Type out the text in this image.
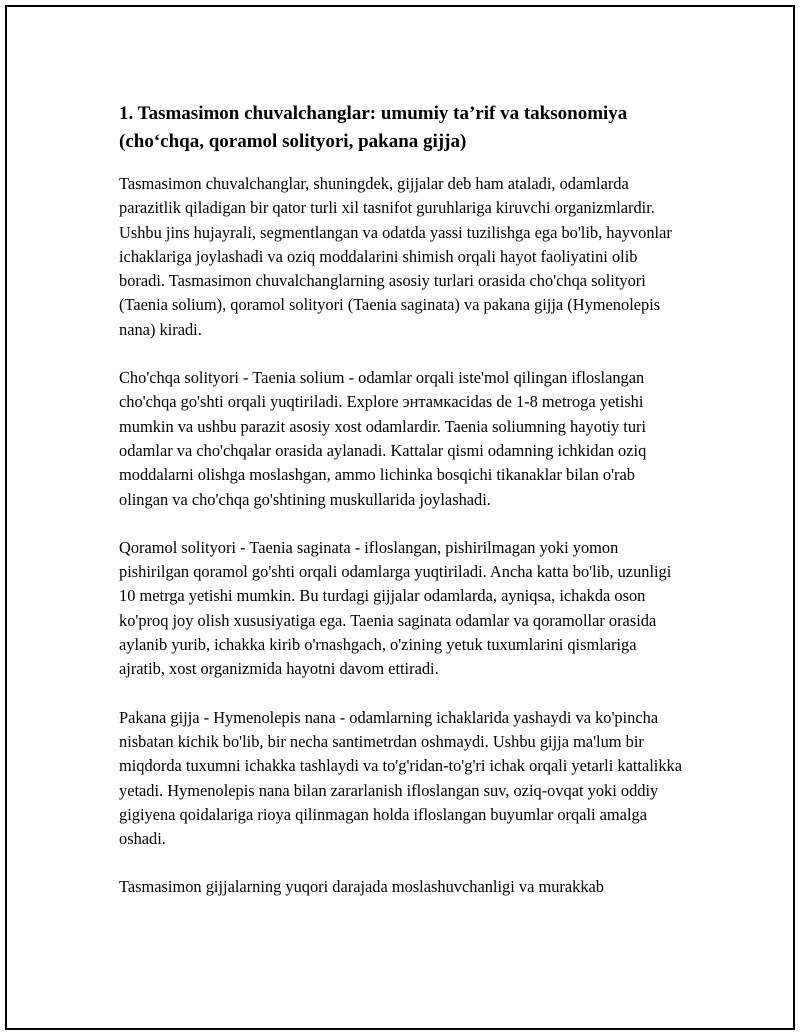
1. Tasmasimon chuvalchanglar: umumiy ta’rif va taksonomiya (cho‘chqa, qoramol solityori, pakana gijja)

Tasmasimon chuvalchanglar, shuningdek, gijjalar deb ham ataladi, odamlarda parazitlik qiladigan bir qator turli xil tasnifot guruhlariga kiruvchi organizmlardir. Ushbu jins hujayrali, segmentlangan va odatda yassi tuzilishga ega bo'lib, hayvonlar ichaklariga joylashadi va oziq moddalarini shimish orqali hayot faoliyatini olib boradi. Tasmasimon chuvalchanglarning asosiy turlari orasida cho'chqa solityori (Taenia solium), qoramol solityori (Taenia saginata) va pakana gijja (Hymenolepis nana) kiradi.

Cho'chqa solityori - Taenia solium - odamlar orqali iste'mol qilingan ifloslangan cho'chqa go'shti orqali yuqtiriladi. Explore энтамкacidas de 1-8 metroga yetishi mumkin va ushbu parazit asosiy xost odamlardir. Taenia soliumning hayotiy turi odamlar va cho'chqalar orasida aylanadi. Kattalar qismi odamning ichkidan oziq moddalarni olishga moslashgan, ammo lichinka bosqichi tikanaklar bilan o'rab olingan va cho'chqa go'shtining muskullarida joylashadi.

Qoramol solityori - Taenia saginata - ifloslangan, pishirilmagan yoki yomon pishirilgan qoramol go'shti orqali odamlarga yuqtiriladi. Ancha katta bo'lib, uzunligi 10 metrga yetishi mumkin. Bu turdagi gijjalar odamlarda, ayniqsa, ichakda oson ko'proq joy olish xususiyatiga ega. Taenia saginata odamlar va qoramollar orasida aylanib yurib, ichakka kirib o'rnashgach, o'zining yetuk tuxumlarini qismlariga ajratib, xost organizmida hayotni davom ettiradi.

Pakana gijja - Hymenolepis nana - odamlarning ichaklarida yashaydi va ko'pincha nisbatan kichik bo'lib, bir necha santimetrdan oshmaydi. Ushbu gijja ma'lum bir miqdorda tuxumni ichakka tashlaydi va to'g'ridan-to'g'ri ichak orqali yetarli kattalikka yetadi. Hymenolepis nana bilan zararlanish ifloslangan suv, oziq-ovqat yoki oddiy gigiyena qoidalariga rioya qilinmagan holda ifloslangan buyumlar orqali amalga oshadi.

Tasmasimon gijjalarning yuqori darajada moslashuvchanligi va murakkab
